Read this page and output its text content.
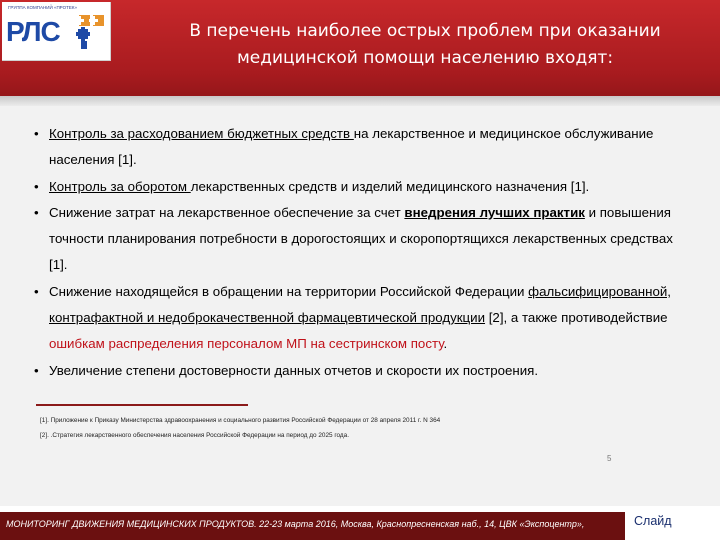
ГРУППА КОМПАНИЙ «ПРОТЕК»
РЛС	В перечень наиболее острых проблем при оказании
медицинской помощи населению входят:
• Контроль за расходованием бюджетных средств на лекарственное и медицинское обслуживание населения [1].
• Контроль за оборотом лекарственных средств и изделий медицинского назначения [1].
• Снижение затрат на лекарственное обеспечение за счет внедрения лучших практик и повышения точности планирования потребности в дорогостоящих и скоропортящихся лекарственных средствах [1].
• Снижение находящейся в обращении на территории Российской Федерации фальсифицированной, контрафактной и недоброкачественной фармацевтической продукции [2], а также противодействие ошибкам распределения персоналом МП на сестринском посту.
• Увеличение степени достоверности данных отчетов и скорости их построения.
[1]. Приложение к Приказу Министерства здравоохранения и социального развития Российской Федерации от 28 апреля 2011 г. N 364
[2]. .Стратегия лекарственного обеспечения населения Российской Федерации на период до 2025 года.
5
МОНИТОРИНГ ДВИЖЕНИЯ МЕДИЦИНСКИХ ПРОДУКТОВ. 22-23 марта 2016, Москва, Краснопресненская наб., 14, ЦВК «Экспоцентр»,	Слайд
